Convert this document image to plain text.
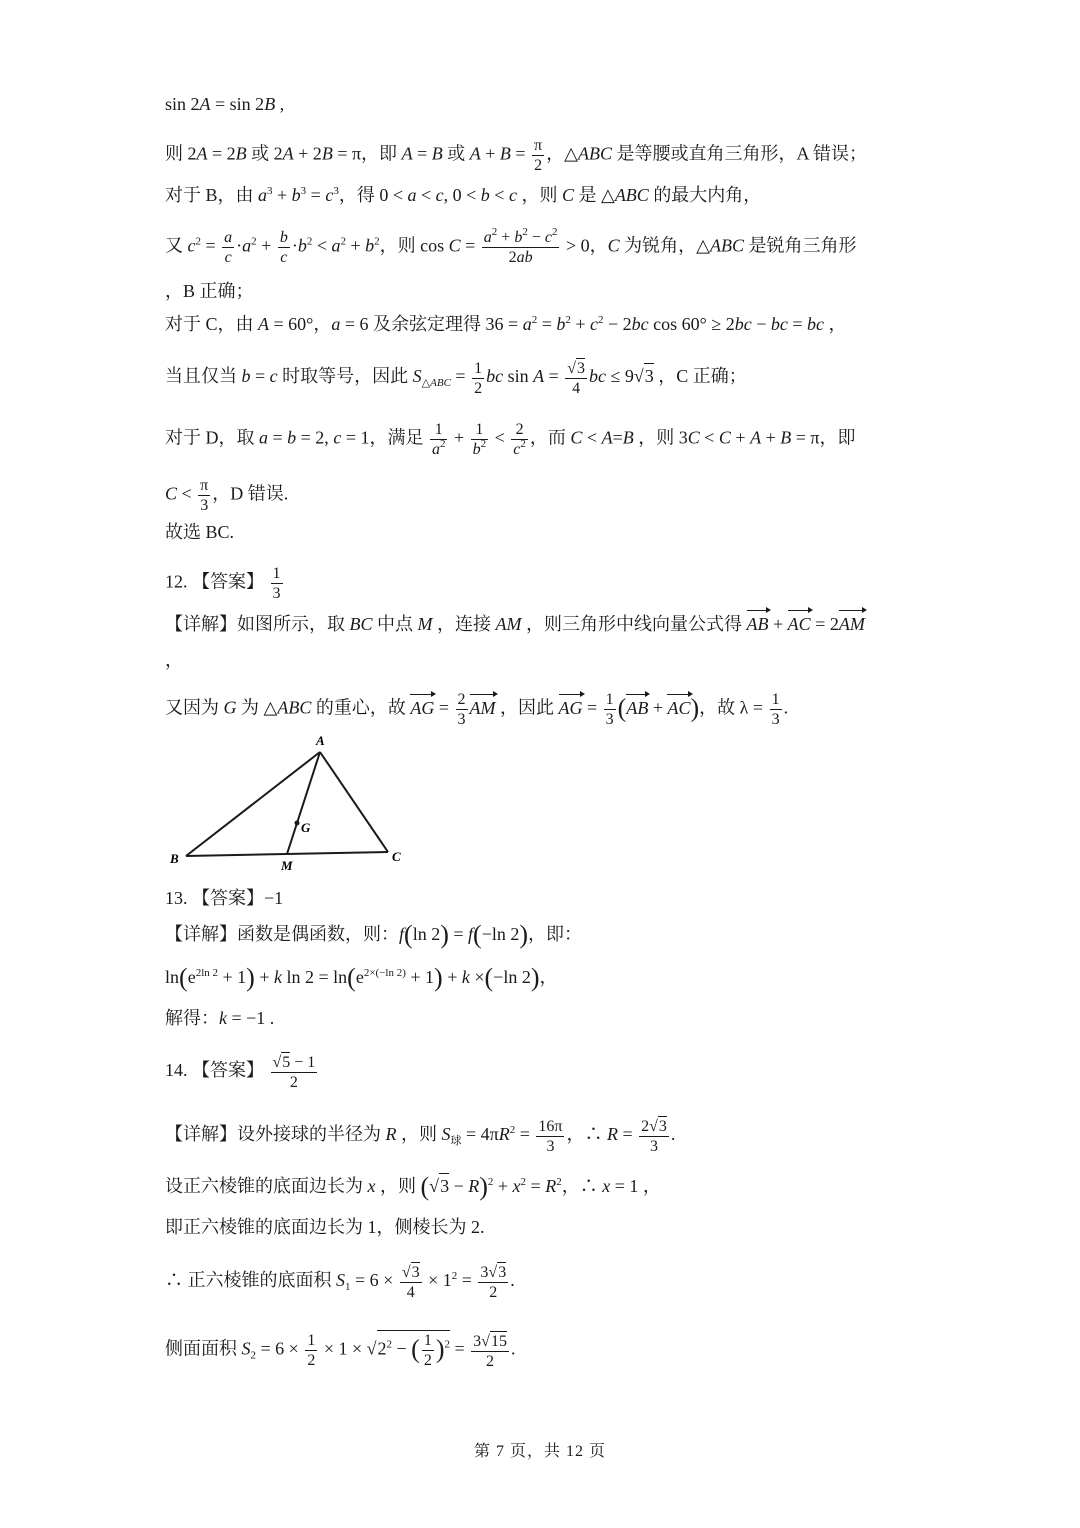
sin 2A = sin 2B ,
则 2A = 2B 或 2A + 2B = π，即 A = B 或 $A + B = \frac{\pi}{2}$ ，△ABC 是等腰或直角三角形，A 错误；
对于 B，由 $a^3 + b^3 = c^3$，得 0 < a < c, 0 < b < c ，则 C 是 △ABC 的最大内角，
又 $c^2 = \frac{a}{c} \cdot a^2 + \frac{b}{c} \cdot b^2 < a^2 + b^2$，则 $\cos C = \frac{a^2 + b^2 - c^2}{2ab} > 0$，C 为锐角，△ABC 是锐角三角形
，B 正确；
对于 C，由 A = 60°，a = 6 及余弦定理得 $36 = a^2 = b^2 + c^2 - 2bc$ cos 60° ≥ 2bc − bc = bc ，
当且仅当 b = c 时取等号，因此 $S_{\triangle ABC} = \frac{1}{2}$ bc $\sin A = \frac{√3}{4}$ bc ≤ 9√3 ，C 正确；
对于 D，取 a = b = 2, c = 1，满足 $\frac{1}{a^2} + \frac{1}{b^2} < \frac{2}{c^2}$ ，而 C < A=B ，则 3C < C + A + B = π，即
$C < \frac{\pi}{3}$ ，D 错误.
故选 BC.
12. 【答案】 $\frac{1}{3}$
【详解】如图所示，取 BC 中点 M ，连接 AM ，则三角形中线向量公式得 AB + AC = 2AM
，
又因为 G 为 △ABC 的重心，故 AG = $\frac{2}{3}$ AM ，因此 AG = $\frac{1}{3} (AB + AC)$，故 $\lambda = \frac{1}{3}$ .
A
B	C
M
G
13. 【答案】−1
【详解】函数是偶函数，则：f(ln 2) = f(−ln 2)，即：
$\ln(e^{2ln 2} + 1) + k$ $\ln 2 = \ln(e^{2\times(-ln 2)} + 1) + k \times(-\ln$ 2)，
解得：k = −1 .
14. 【答案】 $\frac{√5 - 1}{2}$
【详解】设外接球的半径为 R ，则 $S_球 = 4\pi R^2 = \frac{16\pi}{3}$ ，∴ $R = \frac{2√3}{3}$ .
设正六棱锥的底面边长为 x ，则 $(√3 - R)^2 + x^2 = R^2$，∴ x = 1 ，
即正六棱锥的底面边长为 1，侧棱长为 2.
∴ 正六棱锥的底面积 $S_1 = 6 \times \frac{√3}{4} \times 1^2 = \frac{3√3}{2}$ .
侧面面积 $S_2 = 6 \times \frac{1}{2} \times 1 \times √2^2$ − ( $\frac{1}{2} )^2 = \frac{3√15}{2}$ .
第 7 页，共 12 页
